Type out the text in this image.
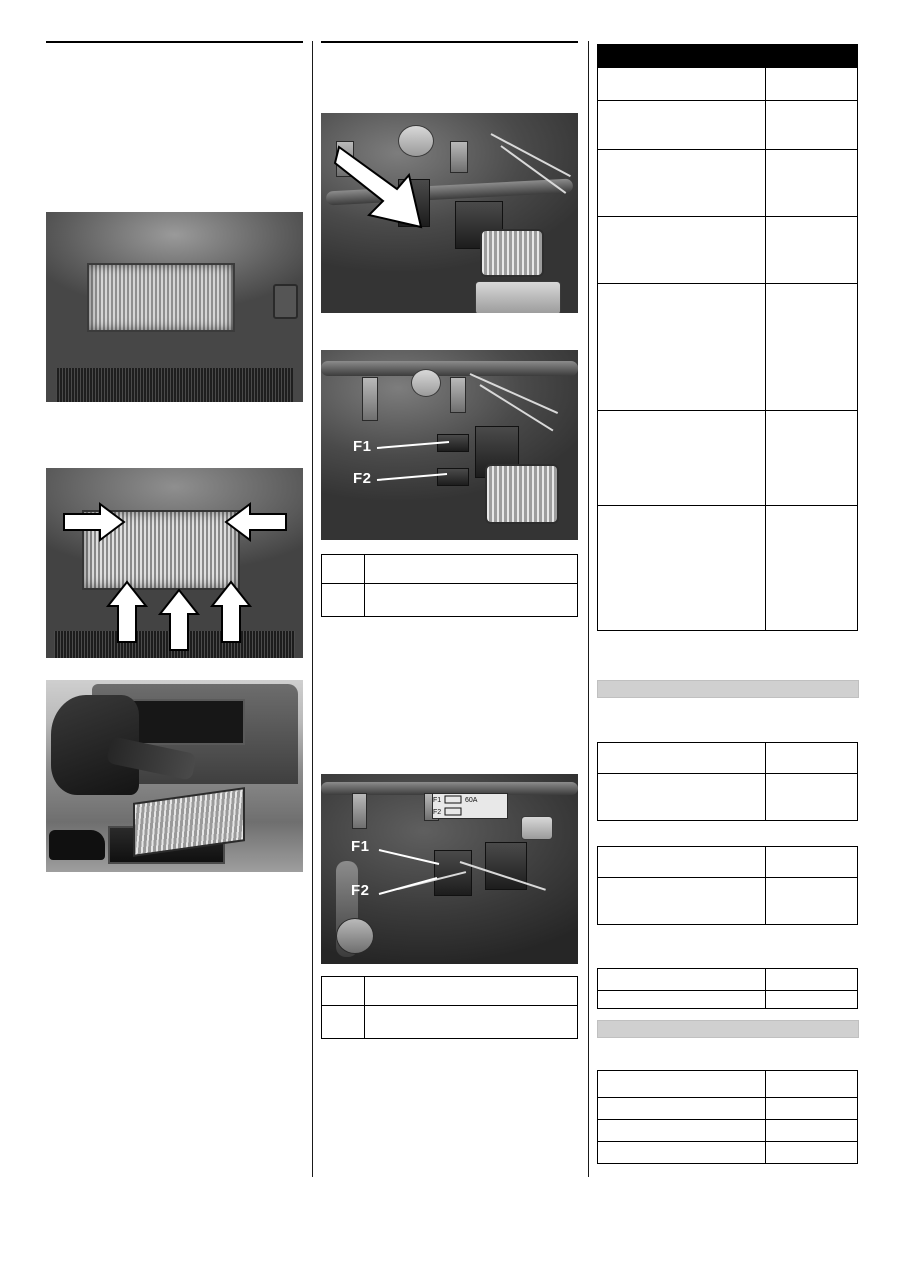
F1
F2

F1	60A
F2
F1
F2
